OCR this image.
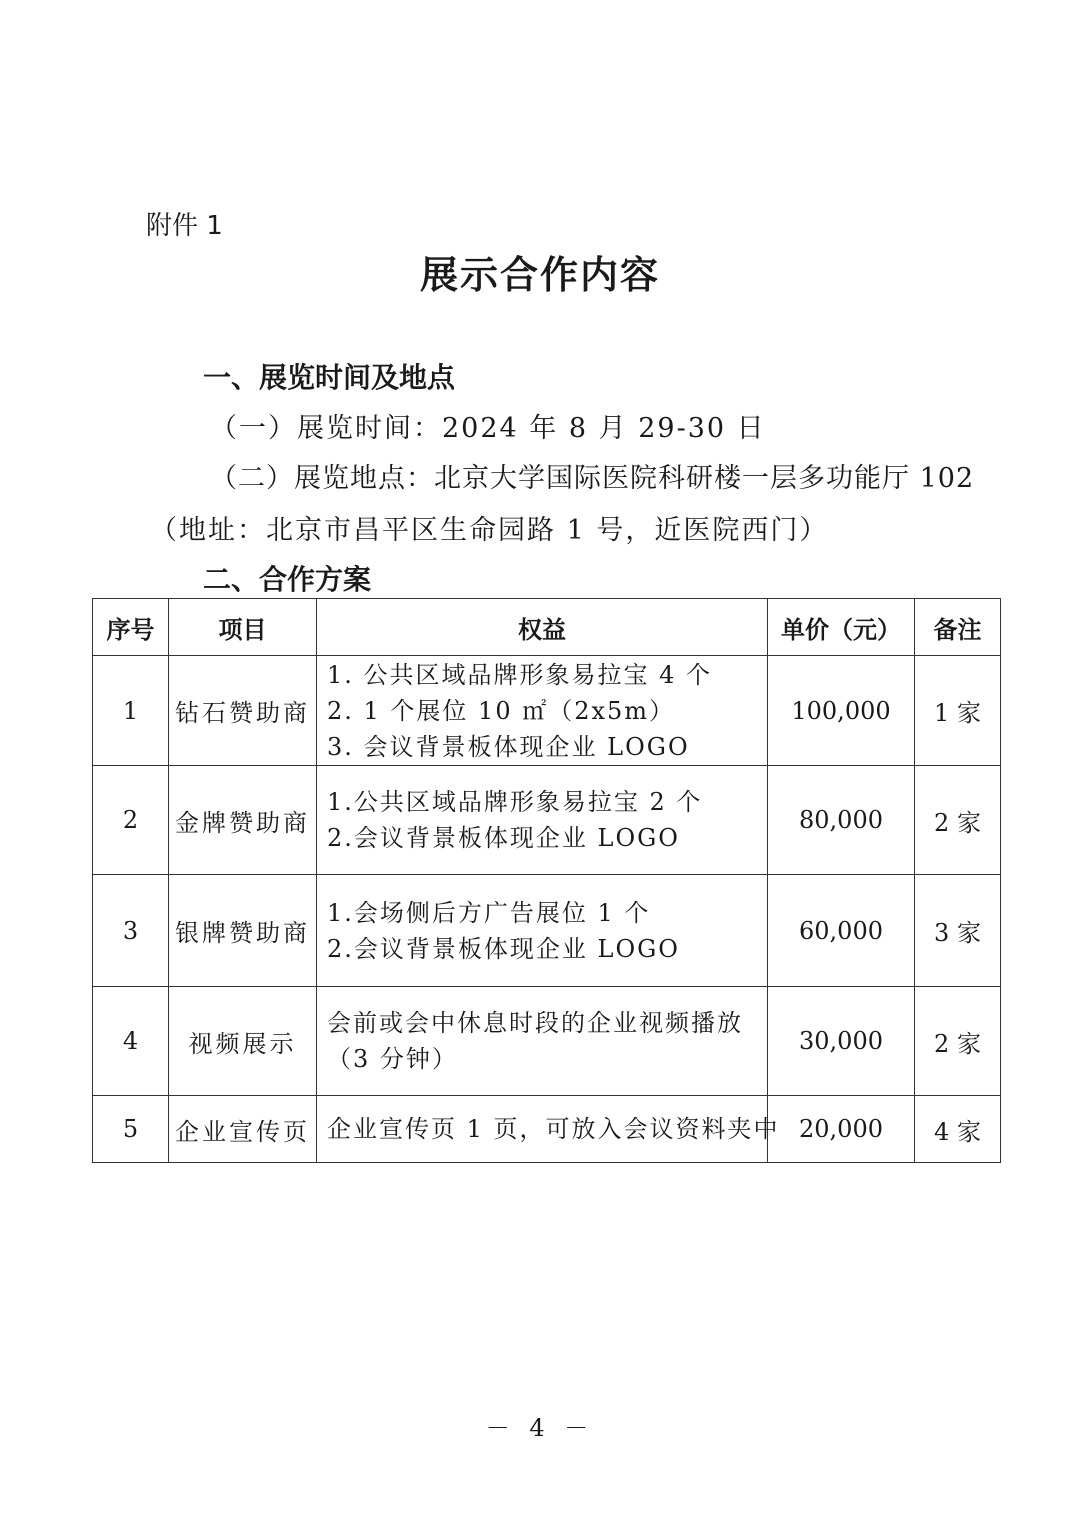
附件 1
展示合作内容
一、展览时间及地点
（一）展览时间：2024 年 8 月 29-30 日
（二）展览地点：北京大学国际医院科研楼一层多功能厅 102
（地址：北京市昌平区生命园路 1 号，近医院西门）
二、合作方案
序号	项目	权益	单价（元）	备注
1	钻石赞助商	1. 公共区域品牌形象易拉宝 4 个
2. 1 个展位 10 ㎡（2x5m）
3. 会议背景板体现企业 LOGO	100,000	1 家
2	金牌赞助商	1.公共区域品牌形象易拉宝 2 个
2.会议背景板体现企业 LOGO	80,000	2 家
3	银牌赞助商	1.会场侧后方广告展位 1 个
2.会议背景板体现企业 LOGO	60,000	3 家
4	视频展示	会前或会中休息时段的企业视频播放
（3 分钟）	30,000	2 家
5	企业宣传页	企业宣传页 1 页，可放入会议资料夹中	20,000	4 家
－ 4 －
